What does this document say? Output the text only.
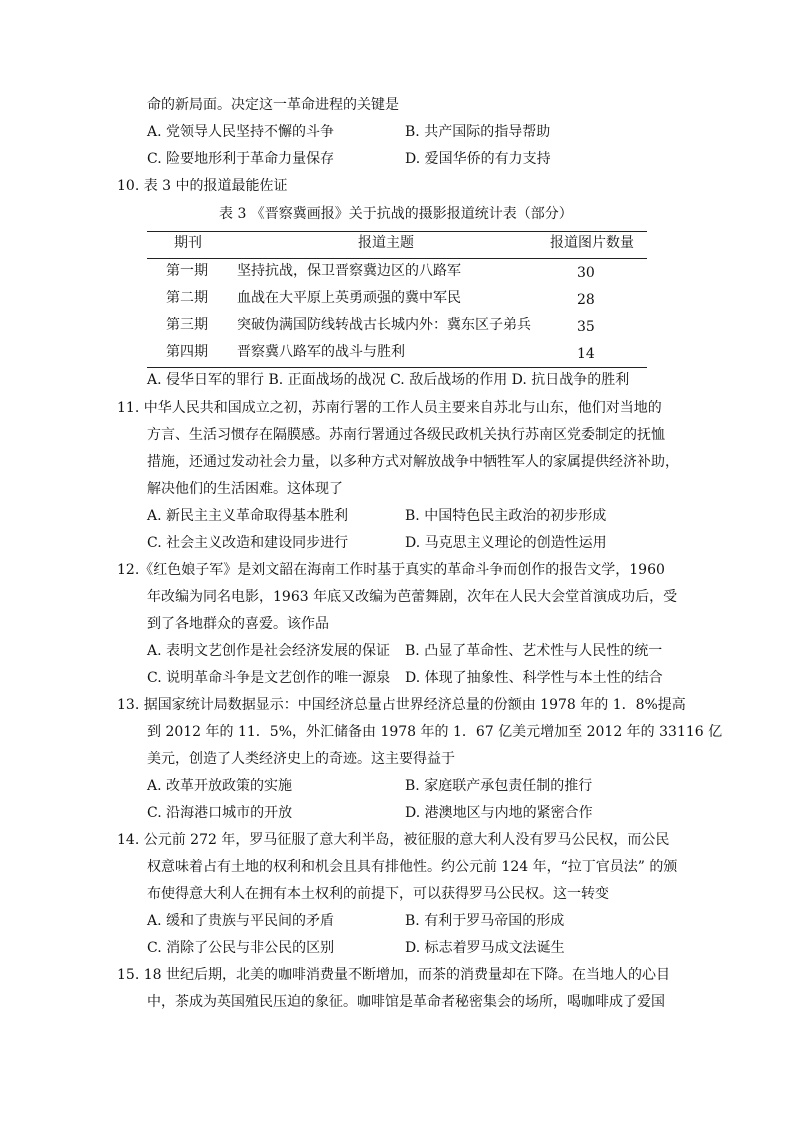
命的新局面。决定这一革命进程的关键是
A. 党领导人民坚持不懈的斗争	B. 共产国际的指导帮助
C. 险要地形利于革命力量保存	D. 爱国华侨的有力支持
10. 表 3 中的报道最能佐证
表 3 《晋察冀画报》关于抗战的摄影报道统计表（部分）
期刊	报道主题	报道图片数量
第一期 坚持抗战，保卫晋察冀边区的八路军	30
第二期 血战在大平原上英勇顽强的冀中军民	28
第三期 突破伪满国防线转战古长城内外：冀东区子弟兵	35
第四期 晋察冀八路军的战斗与胜利	14
A. 侵华日军的罪行 B. 正面战场的战况 C. 敌后战场的作用 D. 抗日战争的胜利
11. 中华人民共和国成立之初，苏南行署的工作人员主要来自苏北与山东，他们对当地的
方言、生活习惯存在隔膜感。苏南行署通过各级民政机关执行苏南区党委制定的抚恤
措施，还通过发动社会力量，以多种方式对解放战争中牺牲军人的家属提供经济补助，
解决他们的生活困难。这体现了
A. 新民主主义革命取得基本胜利	B. 中国特色民主政治的初步形成
C. 社会主义改造和建设同步进行	D. 马克思主义理论的创造性运用
12.《红色娘子军》是刘文韶在海南工作时基于真实的革命斗争而创作的报告文学，1960
年改编为同名电影，1963 年底又改编为芭蕾舞剧，次年在人民大会堂首演成功后，受
到了各地群众的喜爱。该作品
A. 表明文艺创作是社会经济发展的保证 B. 凸显了革命性、艺术性与人民性的统一
C. 说明革命斗争是文艺创作的唯一源泉 D. 体现了抽象性、科学性与本土性的结合
13. 据国家统计局数据显示：中国经济总量占世界经济总量的份额由 1978 年的 1．8%提高
到 2012 年的 11．5%，外汇储备由 1978 年的 1．67 亿美元增加至 2012 年的 33116 亿
美元，创造了人类经济史上的奇迹。这主要得益于
A. 改革开放政策的实施	B. 家庭联产承包责任制的推行
C. 沿海港口城市的开放	D. 港澳地区与内地的紧密合作
14. 公元前 272 年，罗马征服了意大利半岛，被征服的意大利人没有罗马公民权，而公民
权意味着占有土地的权利和机会且具有排他性。约公元前 124 年，“拉丁官员法” 的颁
布使得意大利人在拥有本土权利的前提下，可以获得罗马公民权。这一转变
A. 缓和了贵族与平民间的矛盾	B. 有利于罗马帝国的形成
C. 消除了公民与非公民的区别	D. 标志着罗马成文法诞生
15. 18 世纪后期，北美的咖啡消费量不断增加，而茶的消费量却在下降。在当地人的心目
中，茶成为英国殖民压迫的象征。咖啡馆是革命者秘密集会的场所，喝咖啡成了爱国
